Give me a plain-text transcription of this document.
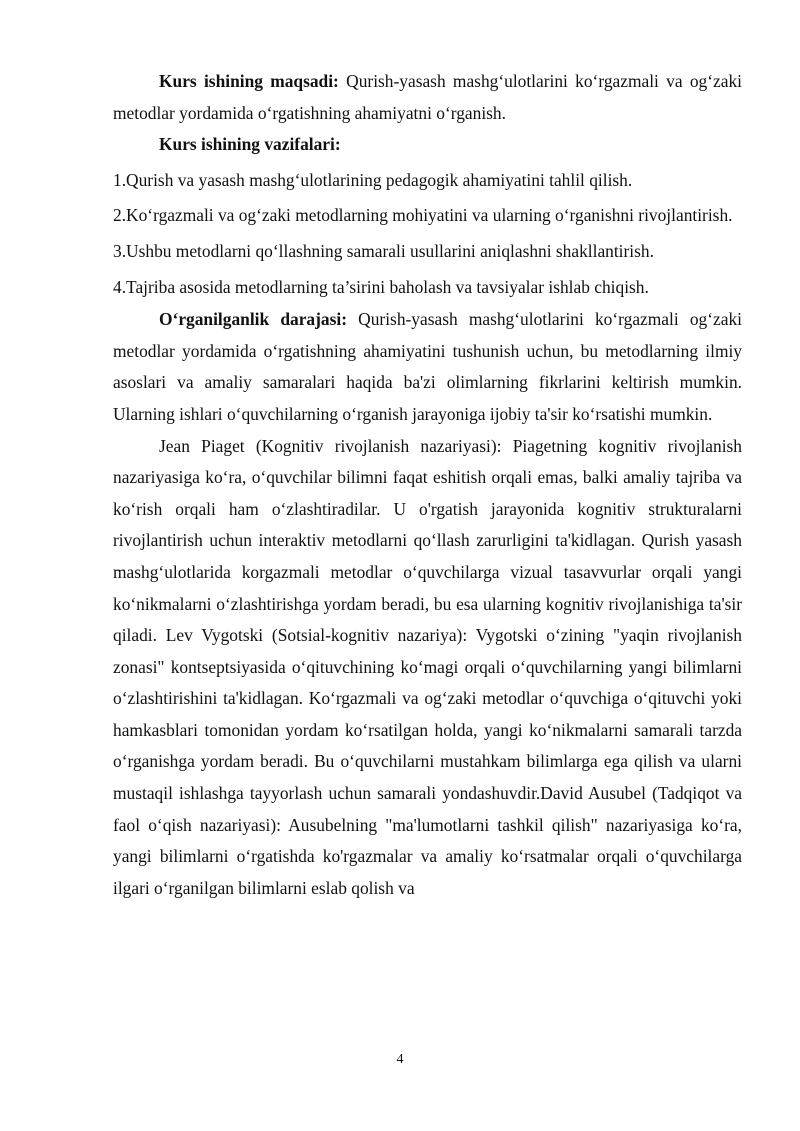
Kurs ishining maqsadi: Qurish-yasash mashg‘ulotlarini ko‘rgazmali va og‘zaki metodlar yordamida o‘rgatishning ahamiyatni o‘rganish.

Kurs ishining vazifalari:

1.Qurish va yasash mashg‘ulotlarining pedagogik ahamiyatini tahlil qilish.

2.Ko‘rgazmali va og‘zaki metodlarning mohiyatini va ularning o‘rganishni rivojlantirish.

3.Ushbu metodlarni qo‘llashning samarali usullarini aniqlashni shakllantirish.

4.Tajriba asosida metodlarning ta’sirini baholash va tavsiyalar ishlab chiqish.

O‘rganilganlik darajasi: Qurish-yasash mashg‘ulotlarini ko‘rgazmali og‘zaki metodlar yordamida o‘rgatishning ahamiyatini tushunish uchun, bu metodlarning ilmiy asoslari va amaliy samaralari haqida ba'zi olimlarning fikrlarini keltirish mumkin. Ularning ishlari o‘quvchilarning o‘rganish jarayoniga ijobiy ta'sir ko‘rsatishi mumkin.

Jean Piaget (Kognitiv rivojlanish nazariyasi): Piagetning kognitiv rivojlanish nazariyasiga ko‘ra, o‘quvchilar bilimni faqat eshitish orqali emas, balki amaliy tajriba va ko‘rish orqali ham o‘zlashtiradilar. U o'rgatish jarayonida kognitiv strukturalarni rivojlantirish uchun interaktiv metodlarni qo‘llash zarurligini ta'kidlagan. Qurish yasash mashg‘ulotlarida korgazmali metodlar o‘quvchilarga vizual tasavvurlar orqali yangi ko‘nikmalarni o‘zlashtirishga yordam beradi, bu esa ularning kognitiv rivojlanishiga ta'sir qiladi. Lev Vygotski (Sotsial-kognitiv nazariya): Vygotski o‘zining "yaqin rivojlanish zonasi" kontseptsiyasida o‘qituvchining ko‘magi orqali o‘quvchilarning yangi bilimlarni o‘zlashtirishini ta'kidlagan. Ko‘rgazmali va og‘zaki metodlar o‘quvchiga o‘qituvchi yoki hamkasblari tomonidan yordam ko‘rsatilgan holda, yangi ko‘nikmalarni samarali tarzda o‘rganishga yordam beradi. Bu o‘quvchilarni mustahkam bilimlarga ega qilish va ularni mustaqil ishlashga tayyorlash uchun samarali yondashuvdir.David Ausubel (Tadqiqot va faol o‘qish nazariyasi): Ausubelning "ma'lumotlarni tashkil qilish" nazariyasiga ko‘ra, yangi bilimlarni o‘rgatishda ko'rgazmalar va amaliy ko‘rsatmalar orqali o‘quvchilarga ilgari o‘rganilgan bilimlarni eslab qolish va

4
